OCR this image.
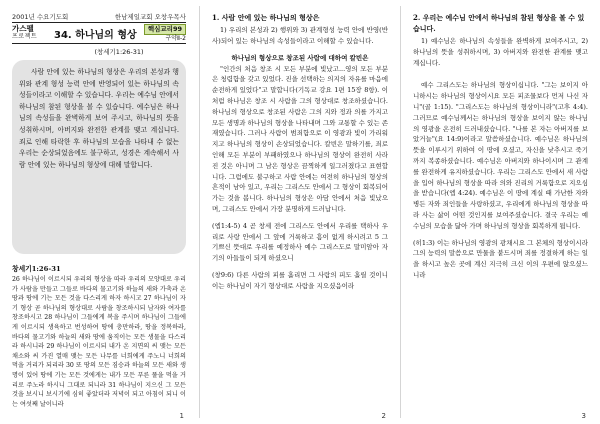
2001년 수요기도회	한남제일교회 오창우목사
가스펠
프로젝트	34. 하나님의 형상
핵심교리99
구약Ⅱ-2
(창세기1:26-31)

사람 안에 있는 하나님의 형상은 우리의 본성과 행위와 관계 형성 능력 안에 반영되어 있는 하나님의 속성들이라고 이해할 수 있습니다. 우리는 예수님 안에서 하나님의 참된 형상을 볼 수 있습니다. 예수님은 하나님의 속성들을 완벽하게 보여 주시고, 하나님의 뜻을 성취하시며, 아버지와 완전한 관계를 맺고 계십니다. 죄로 인해 타락한 후 하나님의 모습을 나타내 수 없는 우리는 순상되었음에도 불구하고, 성경은 계속해서 사람 안에 있는 하나님의 형상에 대해 말합니다.

창세기1:26-31

26 하나님이 이르시되 우리의 형상을 따라 우리의 모양대로 우리가 사람을 만들고 그들로 바다의 물고기와 하늘의 새와 가축과 온 땅과 땅에 기는 모든 것을 다스리게 하자 하시고 27 하나님이 자기 형상 곧 하나님의 형상대로 사람을 창조하시되 남자와 여자를 창조하시고 28 하나님이 그들에게 복을 주시며 하나님이 그들에게 이르시되 생육하고 번성하여 땅에 충만하라, 땅을 정복하라, 바다의 물고기와 하늘의 새와 땅에 움직이는 모든 생물을 다스리라 하시니라 29 하나님이 이르시되 내가 온 지면의 씨 맺는 모든 채소와 씨 가진 열매 맺는 모든 나무를 너희에게 주노니 너희의 먹을 거리가 되리라 30 또 땅의 모든 짐승과 하늘의 모든 새와 생명이 있어 땅에 기는 모든 것에게는 내가 모든 푸른 풀을 먹을 거리로 주노라 하시니 그대로 되니라 31 하나님이 지으신 그 모든 것을 보시니 보시기에 심히 좋았더라 저녁이 되고 아침이 되니 이는 여섯째 날이니라

1
1. 사람 안에 있는 하나님의 형상은

1) 우리의 본성과 2) 행위와 3) 관계형성 능력 안에 반영(반사)되어 있는 하나님의 속성들이라고 이해할 수 있습니다.

하나님의 형상으로 창조된 사람에 대하여 칼빈은

"인간의 처음 창조 시 모든 부분에 빛났고...영의 모든 부분은 청렴함을 갖고 있었다. 진을 선택하는 의지의 자유를 마음에 순전하게 있었다"고 말합니다(기독교 강요 1편 15장 8항). 이처럼 하나님은 창조 시 사람을 그의 형상대로 창조하셨습니다. 하나님의 형상으로 창조된 사람은 그의 지와 정과 의를 가지고 모든 생명과 하나님의 형상을 나타내며 그와 교통할 수 있는 존재였습니다. 그러나 사람이 범죄함으로 이 영광과 빛이 가리워지고 하나님의 형상이 손상되었습니다. 칼빈은 말하기를, 죄로 인해 모든 부분이 부패하였으나 하나님의 형상이 완전히 사라진 것은 아니며 그 남은 형상은 끔찍하게 일그러졌다고 표현합니다. 그럼에도 불구하고 사람 안에는 여전히 하나님의 형상의 흔적이 남아 있고, 우리는 그리스도 안에서 그 형상이 회복되어 가는 것을 봅니다. 하나님의 형상은 아담 안에서 처음 빛났으며, 그리스도 안에서 가장 분명하게 드러납니다.

(엡1:4-5) 4 곧 창세 전에 그리스도 안에서 우리를 택하사 우리로 사랑 안에서 그 앞에 거룩하고 흠이 없게 하시려고 5 그 기쁘신 뜻대로 우리를 예정하사 예수 그리스도로 말미암아 자기의 아들들이 되게 하셨으니

(창9:6) 다른 사람의 피를 흘리면 그 사람의 피도 흘릴 것이니 이는 하나님이 자기 형상대로 사람을 지으셨음이라

2
2. 우리는 예수님 안에서 하나님의 참된 형상을 볼 수 있습니다.

1) 예수님은 하나님의 속성들을 완벽하게 보여주시고, 2) 하나님의 뜻을 성취하시며, 3) 아버지와 완전한 관계를 맺고 계십니다.

예수 그리스도는 하나님의 형상이십니다. "그는 보이지 아니하시는 하나님의 형상이시요 모든 피조물보다 먼저 나신 자니"(골 1:15). "그리스도는 하나님의 형상이니라"(고후 4:4). 그러므로 예수님께서는 하나님의 형상을 보이지 않는 하나님의 영광을 온전히 드러내셨습니다. "나를 본 자는 아버지를 보았거늘"(요 14:9)이라고 말씀하셨습니다. 예수님은 하나님의 뜻을 이루시기 위하여 이 땅에 오셨고, 자신을 낮추시고 죽기까지 복종하셨습니다. 예수님은 아버지와 하나이시며 그 관계를 완전하게 유지하셨습니다. 우리는 그리스도 안에서 새 사람을 입어 하나님의 형상을 따라 의와 진리의 거룩함으로 지으심을 받습니다(엡 4:24). 예수님은 이 땅에 계실 때 가난한 자와 병든 자와 죄인들을 사랑하셨고, 우리에게 하나님의 형상을 따라 사는 삶이 어떤 것인지를 보여주셨습니다. 결국 우리는 예수님의 모습을 닮아 가며 하나님의 형상을 회복하게 됩니다.

(히1:3) 이는 하나님의 영광의 광채시요 그 본체의 형상이시라 그의 능력의 말씀으로 만물을 붙드시며 죄를 정결하게 하는 일을 하시고 높은 곳에 계신 지극히 크신 이의 우편에 앉으셨느니라

3
